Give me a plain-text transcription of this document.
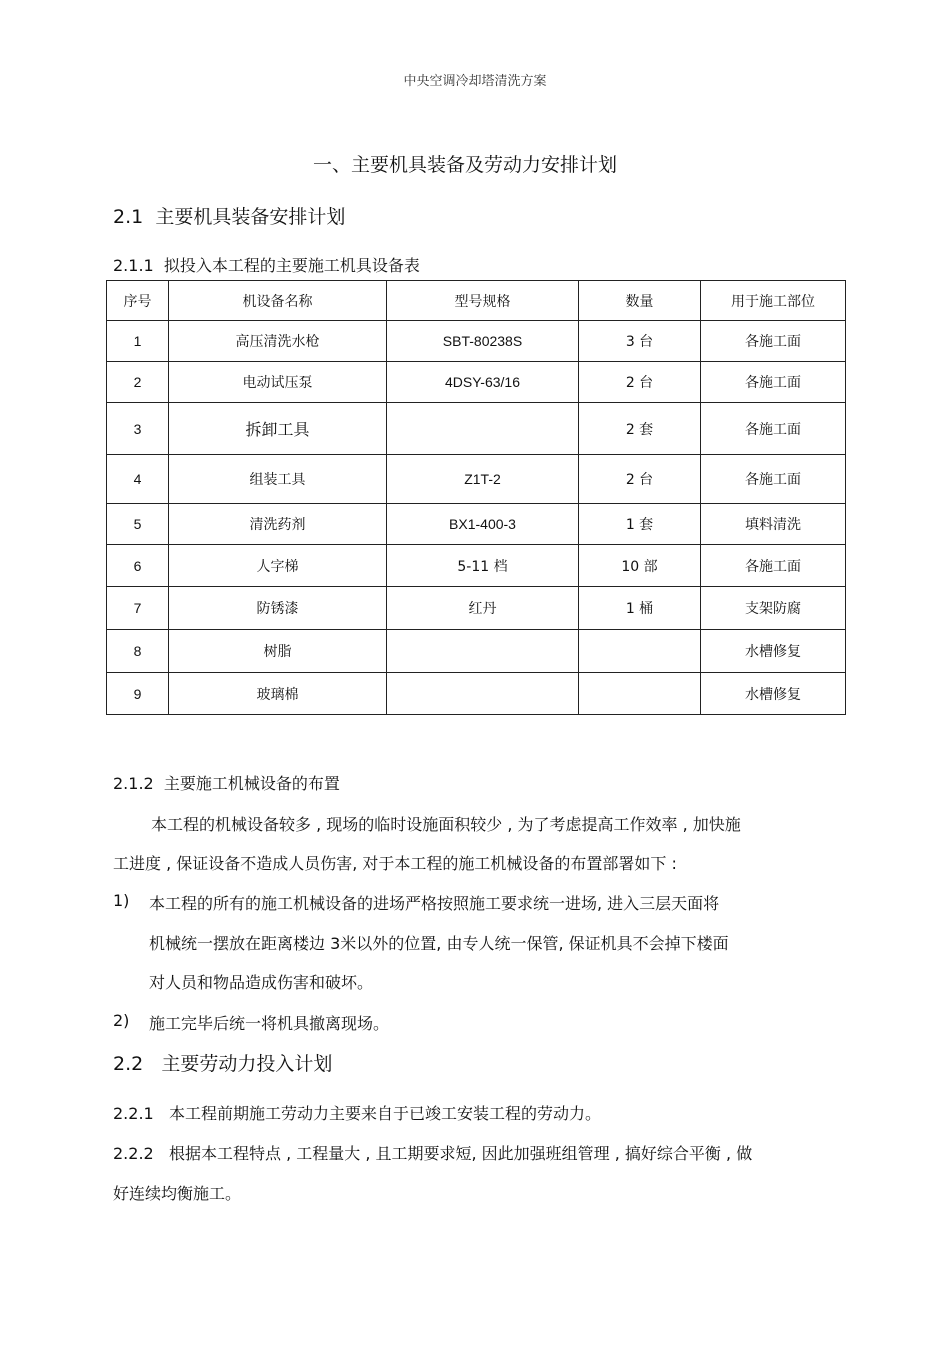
中央空调冷却塔清洗方案
一、主要机具装备及劳动力安排计划
2.1 主要机具装备安排计划
2.1.1 拟投入本工程的主要施工机具设备表
序号	机设备名称	型号规格	数量	用于施工部位
1	高压清洗水枪	SBT-80238S	3 台	各施工面
2	电动试压泵	4DSY-63/16	2 台	各施工面
3	拆卸工具		2 套	各施工面
4	组装工具	Z1T-2	2 台	各施工面
5	清洗药剂	BX1-400-3	1 套	填料清洗
6	人字梯	5-11 档	10 部	各施工面
7	防锈漆	红丹	1 桶	支架防腐
8	树脂			水槽修复
9	玻璃棉			水槽修复
2.1.2 主要施工机械设备的布置
本工程的机械设备较多 , 现场的临时设施面积较少 , 为了考虑提高工作效率 , 加快施
工进度 , 保证设备不造成人员伤害, 对于本工程的施工机械设备的布置部署如下 :
1) 本工程的所有的施工机械设备的进场严格按照施工要求统一进场, 进入三层天面将
机械统一摆放在距离楼边 3米以外的位置, 由专人统一保管, 保证机具不会掉下楼面
对人员和物品造成伤害和破坏。
2) 施工完毕后统一将机具撤离现场。
2.2 主要劳动力投入计划
2.2.1 本工程前期施工劳动力主要来自于已竣工安装工程的劳动力。
2.2.2 根据本工程特点 , 工程量大 , 且工期要求短, 因此加强班组管理 , 搞好综合平衡 , 做
好连续均衡施工。
